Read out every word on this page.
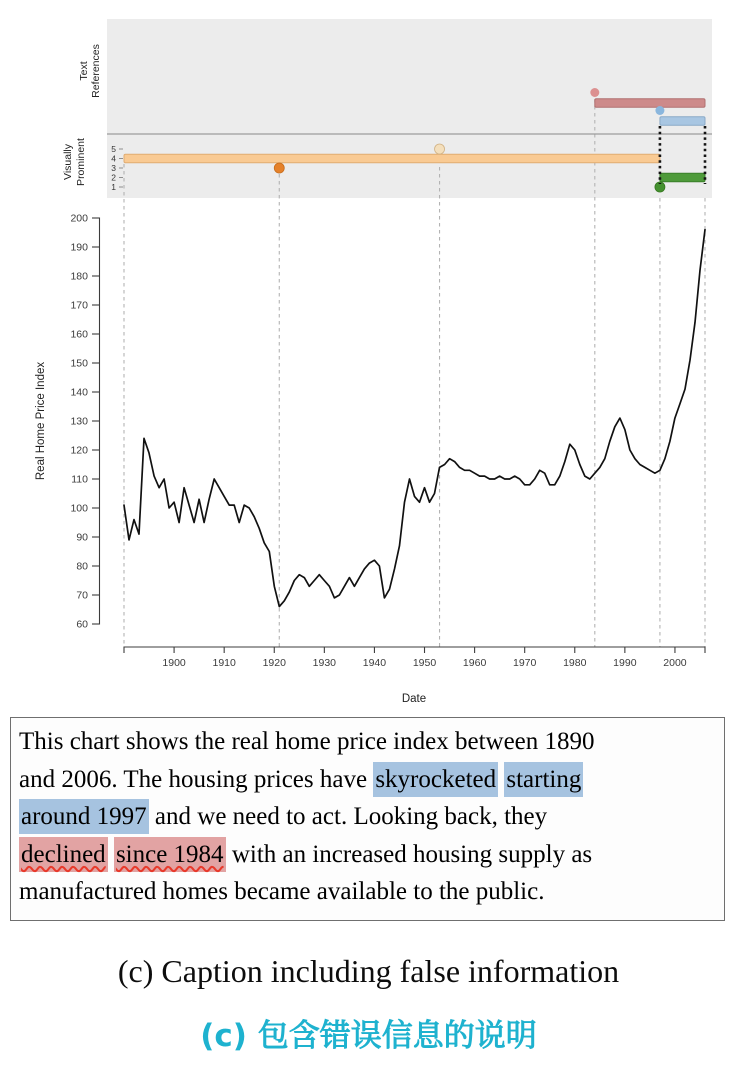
5
4
3
2
1
Text References
Visually Prominent
200
190
180
170
160
150
140
130
120
110
100
90
80
70
60
Real Home Price Index
1900	1910	1920	1930	1940	1950	1960	1970	1980	1990	2000
Date
This chart shows the real home price index between 1890
and 2006. The housing prices have skyrocketed starting
around 1997 and we need to act. Looking back, they
declined since 1984 with an increased housing supply as
manufactured homes became available to the public.
(c) Caption including false information
(c) 包含错误信息的说明
